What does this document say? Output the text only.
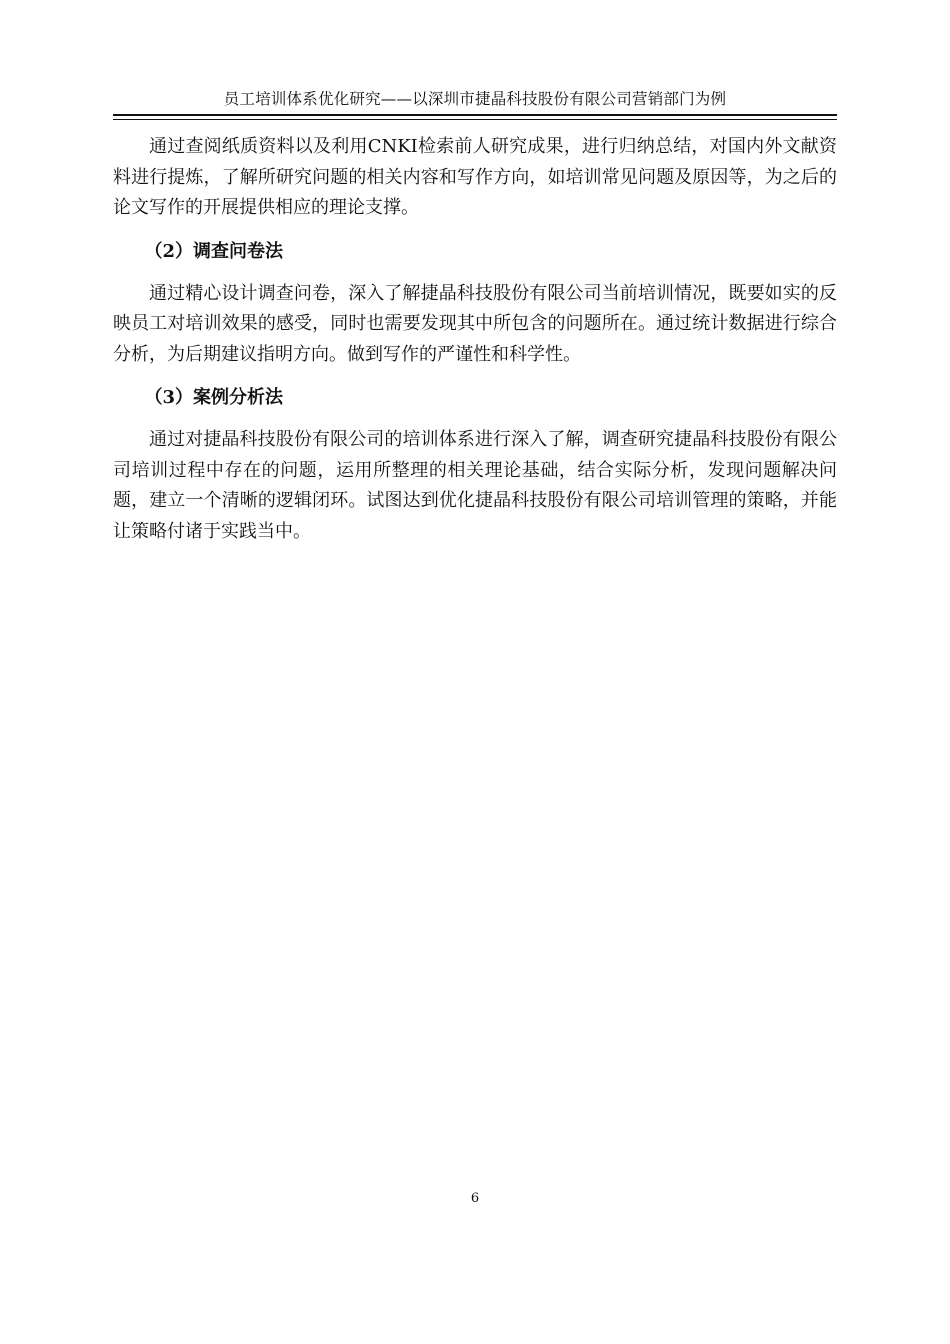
员工培训体系优化研究——以深圳市捷晶科技股份有限公司营销部门为例

通过查阅纸质资料以及利用CNKI检索前人研究成果，进行归纳总结，对国内外文献资料进行提炼，了解所研究问题的相关内容和写作方向，如培训常见问题及原因等，为之后的论文写作的开展提供相应的理论支撑。

（2）调查问卷法

通过精心设计调查问卷，深入了解捷晶科技股份有限公司当前培训情况，既要如实的反映员工对培训效果的感受，同时也需要发现其中所包含的问题所在。通过统计数据进行综合分析，为后期建议指明方向。做到写作的严谨性和科学性。

（3）案例分析法

通过对捷晶科技股份有限公司的培训体系进行深入了解，调查研究捷晶科技股份有限公司培训过程中存在的问题，运用所整理的相关理论基础，结合实际分析，发现问题解决问题，建立一个清晰的逻辑闭环。试图达到优化捷晶科技股份有限公司培训管理的策略，并能让策略付诸于实践当中。

6
